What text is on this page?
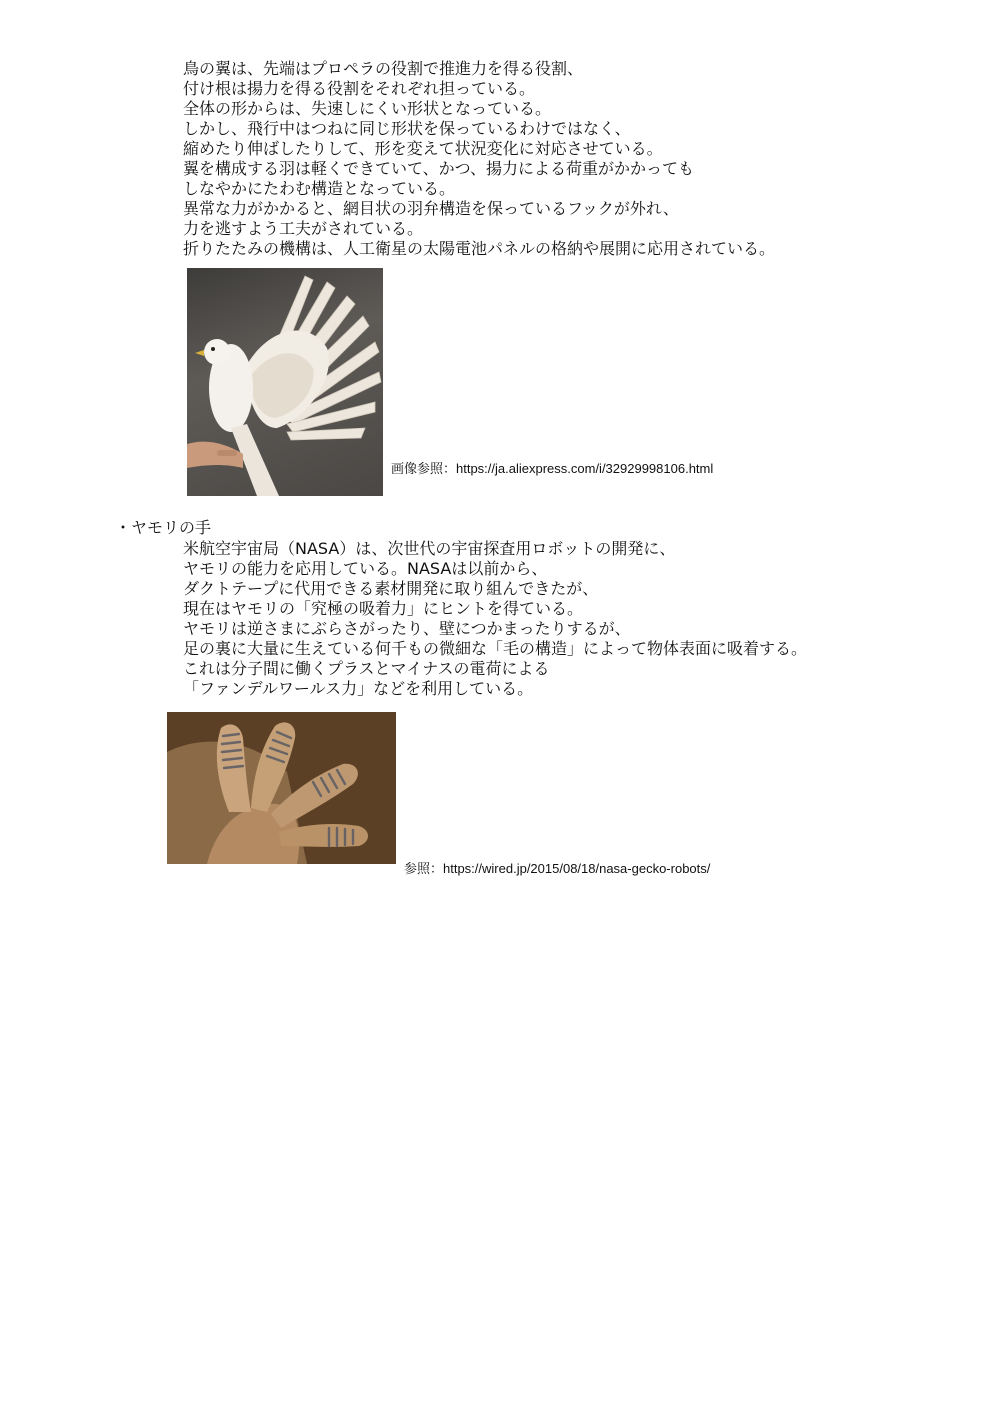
鳥の翼は、先端はプロペラの役割で推進力を得る役割、
付け根は揚力を得る役割をそれぞれ担っている。
全体の形からは、失速しにくい形状となっている。
しかし、飛行中はつねに同じ形状を保っているわけではなく、
縮めたり伸ばしたりして、形を変えて状況変化に対応させている。
翼を構成する羽は軽くできていて、かつ、揚力による荷重がかかっても
しなやかにたわむ構造となっている。
異常な力がかかると、網目状の羽弁構造を保っているフックが外れ、
力を逃すよう工夫がされている。
折りたたみの機構は、人工衛星の太陽電池パネルの格納や展開に応用されている。
画像参照：https://ja.aliexpress.com/i/32929998106.html
・ヤモリの手
米航空宇宙局（NASA）は、次世代の宇宙探査用ロボットの開発に、
ヤモリの能力を応用している。NASAは以前から、
ダクトテープに代用できる素材開発に取り組んできたが、
現在はヤモリの「究極の吸着力」にヒントを得ている。
ヤモリは逆さまにぶらさがったり、壁につかまったりするが、
足の裏に大量に生えている何千もの微細な「毛の構造」によって物体表面に吸着する。
これは分子間に働くプラスとマイナスの電荷による
「ファンデルワールス力」などを利用している。
参照：https://wired.jp/2015/08/18/nasa-gecko-robots/
